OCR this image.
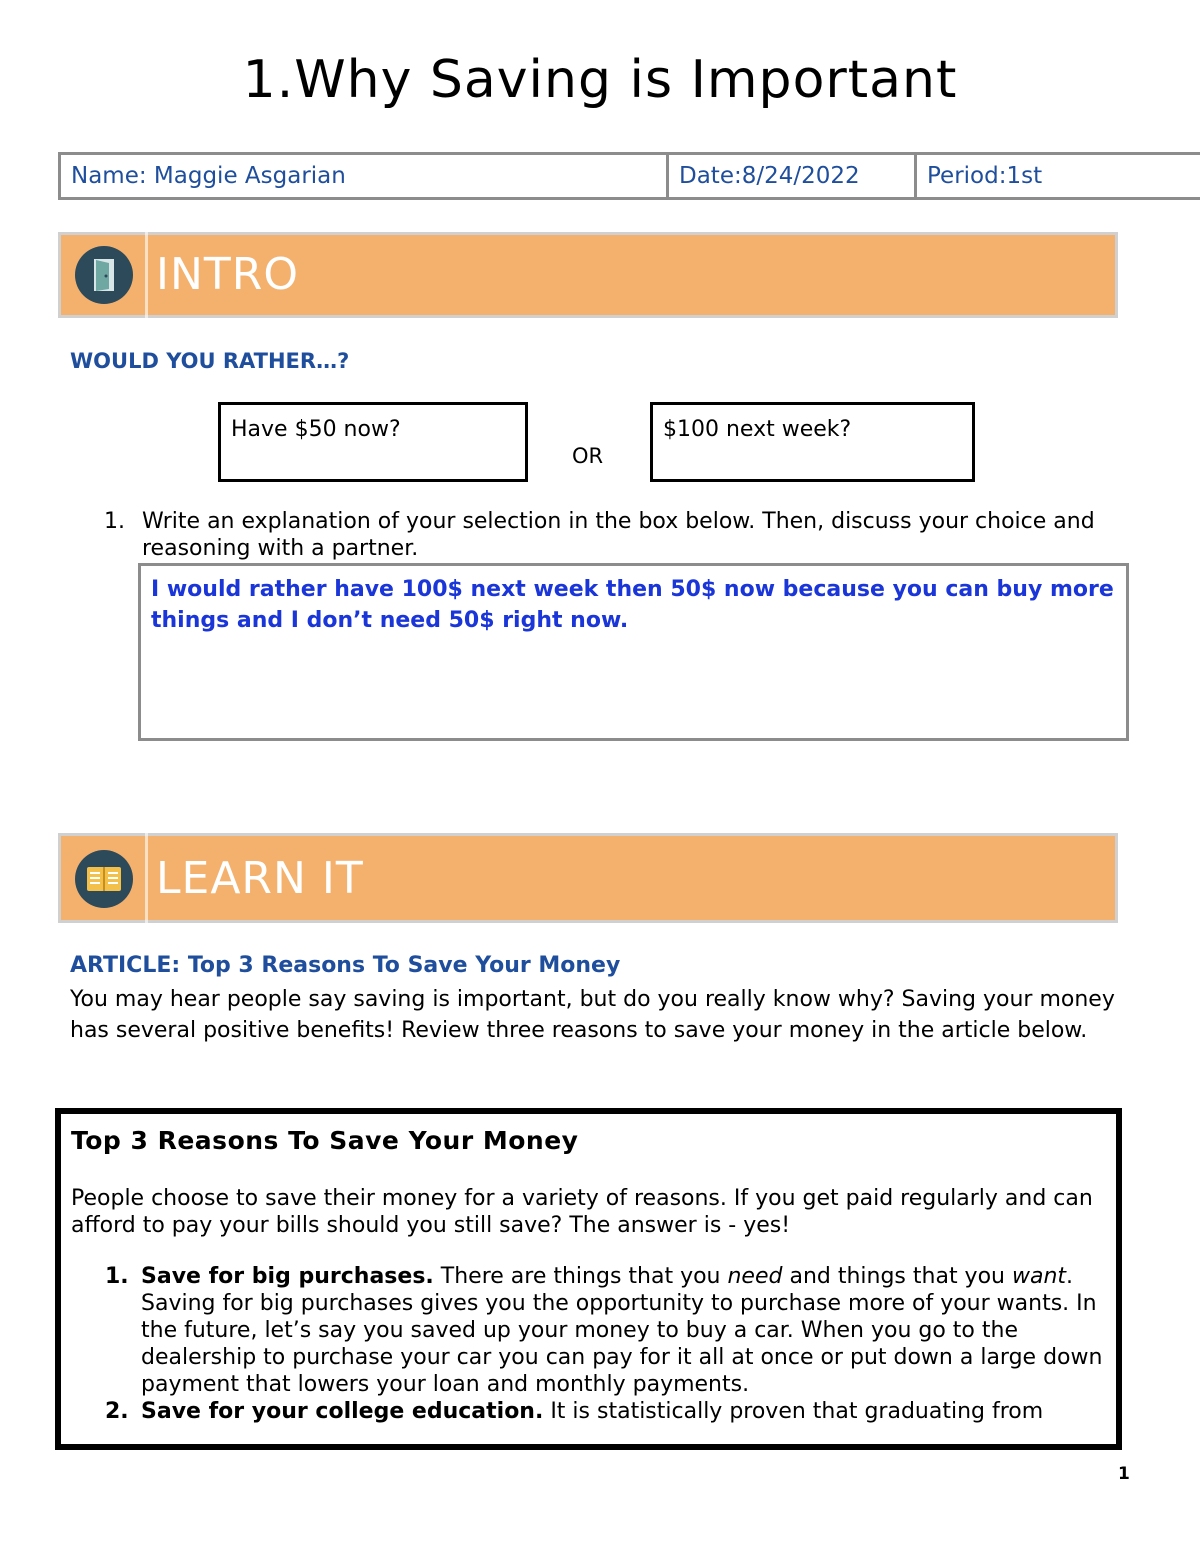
1.Why Saving is Important
Name: Maggie Asgarian	Date:8/24/2022	Period:1st
INTRO
WOULD YOU RATHER…?
Have $50 now?
OR
$100 next week?
1. Write an explanation of your selection in the box below. Then, discuss your choice and reasoning with a partner.
I would rather have 100$ next week then 50$ now because you can buy more things and I don’t need 50$ right now.
LEARN IT
ARTICLE: Top 3 Reasons To Save Your Money
You may hear people say saving is important, but do you really know why? Saving your money has several positive benefits! Review three reasons to save your money in the article below.
Top 3 Reasons To Save Your Money
People choose to save their money for a variety of reasons. If you get paid regularly and can afford to pay your bills should you still save? The answer is - yes!
1. Save for big purchases. There are things that you need and things that you want. Saving for big purchases gives you the opportunity to purchase more of your wants. In the future, let’s say you saved up your money to buy a car. When you go to the dealership to purchase your car you can pay for it all at once or put down a large down payment that lowers your loan and monthly payments.
2. Save for your college education. It is statistically proven that graduating from
1
